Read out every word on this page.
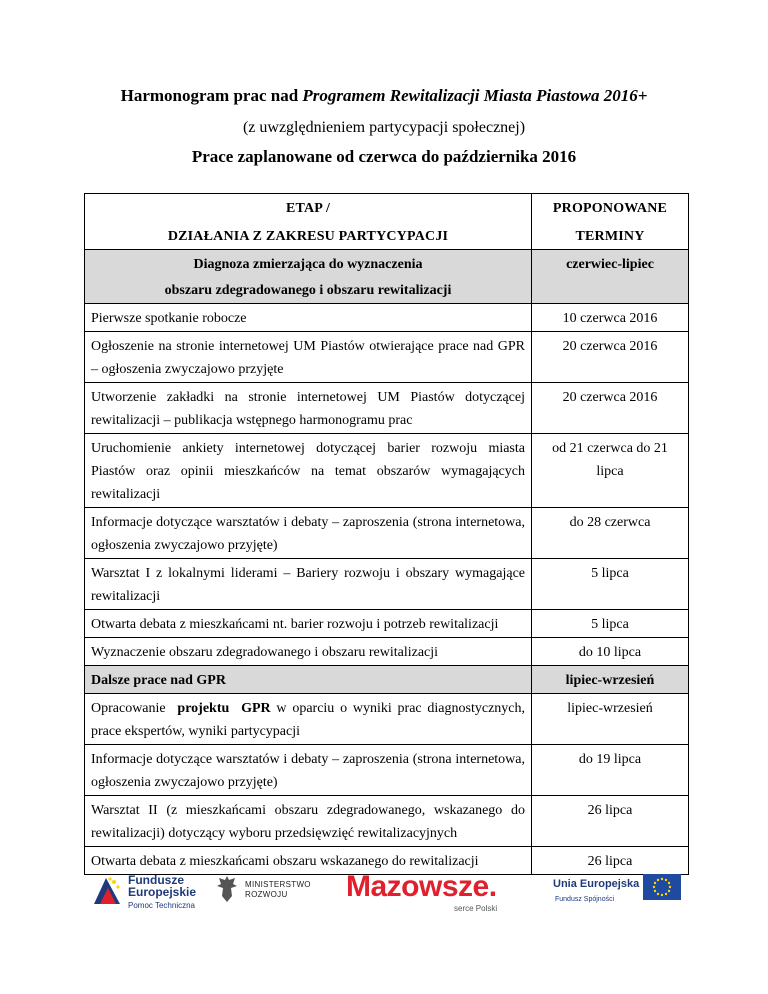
Harmonogram prac nad Programem Rewitalizacji Miasta Piastowa 2016+
(z uwzględnieniem partycypacji społecznej)
Prace zaplanowane od czerwca do października 2016
ETAP /
DZIAŁANIA Z ZAKRESU PARTYCYPACJI	PROPONOWANE
TERMINY

Diagnoza zmierzająca do wyznaczenia
obszaru zdegradowanego i obszaru rewitalizacji	czerwiec-lipiec
Pierwsze spotkanie robocze	10 czerwca 2016
Ogłoszenie na stronie internetowej UM Piastów otwierające prace nad GPR – ogłoszenia zwyczajowo przyjęte	20 czerwca 2016
Utworzenie zakładki na stronie internetowej UM Piastów dotyczącej rewitalizacji – publikacja wstępnego harmonogramu prac	20 czerwca 2016
Uruchomienie ankiety internetowej dotyczącej barier rozwoju miasta Piastów oraz opinii mieszkańców na temat obszarów wymagających rewitalizacji	od 21 czerwca do 21 lipca
Informacje dotyczące warsztatów i debaty – zaproszenia (strona internetowa, ogłoszenia zwyczajowo przyjęte)	do 28 czerwca
Warsztat I z lokalnymi liderami – Bariery rozwoju i obszary wymagające rewitalizacji	5 lipca
Otwarta debata z mieszkańcami nt. barier rozwoju i potrzeb rewitalizacji	5 lipca
Wyznaczenie obszaru zdegradowanego i obszaru rewitalizacji	do 10 lipca
Dalsze prace nad GPR	lipiec-wrzesień
Opracowanie projektu GPR w oparciu o wyniki prac diagnostycznych, prace ekspertów, wyniki partycypacji	lipiec-wrzesień
Informacje dotyczące warsztatów i debaty – zaproszenia (strona internetowa, ogłoszenia zwyczajowo przyjęte)	do 19 lipca
Warsztat II (z mieszkańcami obszaru zdegradowanego, wskazanego do rewitalizacji) dotyczący wyboru przedsięwzięć rewitalizacyjnych	26 lipca
Otwarta debata z mieszkańcami obszaru wskazanego do rewitalizacji	26 lipca
Fundusze
Europejskie
Pomoc Techniczna
MINISTERSTWO
ROZWOJU	Mazowsze.
serce Polski
Unia Europejska
Fundusz Spójności
